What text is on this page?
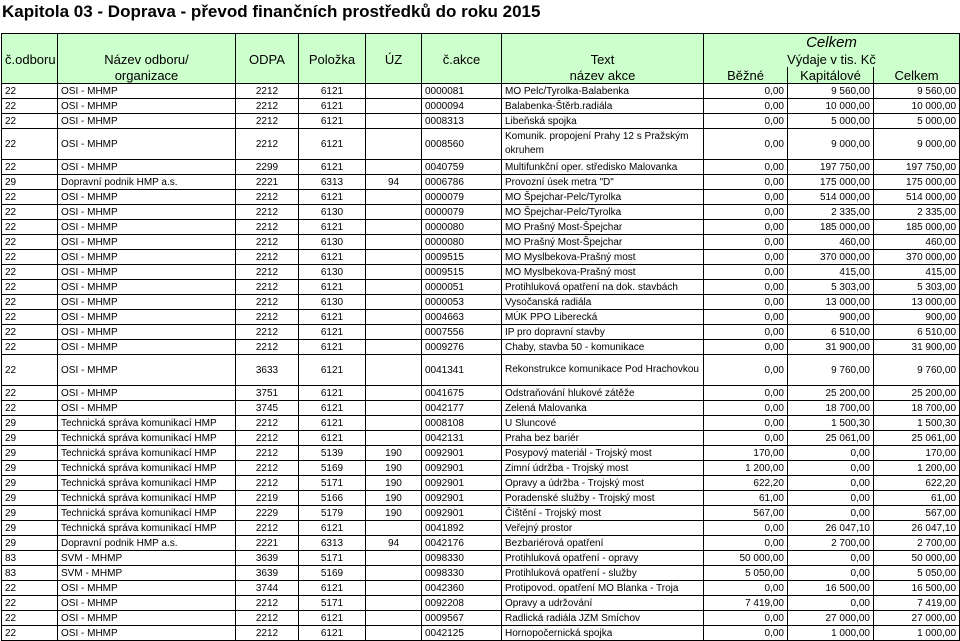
Kapitola 03 - Doprava - převod finančních prostředků do roku 2015
							Celkem		
č.odboru	Název odboru/	ODPA	Položka	ÚZ	č.akce	Text	Výdaje v tis. Kč		
	organizace					název akce	Běžné	Kapitálové	Celkem
22	OSI - MHMP	2212	6121		0000081	MO Pelc/Tyrolka-Balabenka	0,00	9 560,00	9 560,00
22	OSI - MHMP	2212	6121		0000094	Balabenka-Štěrb.radiála	0,00	10 000,00	10 000,00
22	OSI - MHMP	2212	6121		0008313	Libeňská spojka	0,00	5 000,00	5 000,00
22	OSI - MHMP	2212	6121		0008560	Komunik. propojení Prahy 12 s Pražským okruhem	0,00	9 000,00	9 000,00
22	OSI - MHMP	2299	6121		0040759	Multifunkční oper. středisko Malovanka	0,00	197 750,00	197 750,00
29	Dopravní podnik HMP a.s.	2221	6313	94	0006786	Provozní úsek metra "D"	0,00	175 000,00	175 000,00
22	OSI - MHMP	2212	6121		0000079	MO Špejchar-Pelc/Tyrolka	0,00	514 000,00	514 000,00
22	OSI - MHMP	2212	6130		0000079	MO Špejchar-Pelc/Tyrolka	0,00	2 335,00	2 335,00
22	OSI - MHMP	2212	6121		0000080	MO Prašný Most-Špejchar	0,00	185 000,00	185 000,00
22	OSI - MHMP	2212	6130		0000080	MO Prašný Most-Špejchar	0,00	460,00	460,00
22	OSI - MHMP	2212	6121		0009515	MO Myslbekova-Prašný most	0,00	370 000,00	370 000,00
22	OSI - MHMP	2212	6130		0009515	MO Myslbekova-Prašný most	0,00	415,00	415,00
22	OSI - MHMP	2212	6121		0000051	Protihluková opatření na dok. stavbách	0,00	5 303,00	5 303,00
22	OSI - MHMP	2212	6130		0000053	Vysočanská radiála	0,00	13 000,00	13 000,00
22	OSI - MHMP	2212	6121		0004663	MÚK PPO Liberecká	0,00	900,00	900,00
22	OSI - MHMP	2212	6121		0007556	IP pro dopravní stavby	0,00	6 510,00	6 510,00
22	OSI - MHMP	2212	6121		0009276	Chaby, stavba 50 - komunikace	0,00	31 900,00	31 900,00
22	OSI - MHMP	3633	6121		0041341	Rekonstrukce komunikace Pod Hrachovkou	0,00	9 760,00	9 760,00
22	OSI - MHMP	3751	6121		0041675	Odstraňování hlukové zátěže	0,00	25 200,00	25 200,00
22	OSI - MHMP	3745	6121		0042177	Zelená Malovanka	0,00	18 700,00	18 700,00
29	Technická správa komunikací HMP	2212	6121		0008108	U Sluncové	0,00	1 500,30	1 500,30
29	Technická správa komunikací HMP	2212	6121		0042131	Praha bez bariér	0,00	25 061,00	25 061,00
29	Technická správa komunikací HMP	2212	5139	190	0092901	Posypový materiál - Trojský most	170,00	0,00	170,00
29	Technická správa komunikací HMP	2212	5169	190	0092901	Zimní údržba - Trojský most	1 200,00	0,00	1 200,00
29	Technická správa komunikací HMP	2212	5171	190	0092901	Opravy a údržba - Trojský most	622,20	0,00	622,20
29	Technická správa komunikací HMP	2219	5166	190	0092901	Poradenské služby - Trojský most	61,00	0,00	61,00
29	Technická správa komunikací HMP	2229	5179	190	0092901	Čištění - Trojský most	567,00	0,00	567,00
29	Technická správa komunikací HMP	2212	6121		0041892	Veřejný prostor	0,00	26 047,10	26 047,10
29	Dopravní podnik HMP a.s.	2221	6313	94	0042176	Bezbariérová opatření	0,00	2 700,00	2 700,00
83	SVM - MHMP	3639	5171		0098330	Protihluková opatření - opravy	50 000,00	0,00	50 000,00
83	SVM - MHMP	3639	5169		0098330	Protihluková opatření - služby	5 050,00	0,00	5 050,00
22	OSI - MHMP	3744	6121		0042360	Protipovod. opatření MO Blanka - Troja	0,00	16 500,00	16 500,00
22	OSI - MHMP	2212	5171		0092208	Opravy a udržování	7 419,00	0,00	7 419,00
22	OSI - MHMP	2212	6121		0009567	Radlická radiála JZM Smíchov	0,00	27 000,00	27 000,00
22	OSI - MHMP	2212	6121		0042125	Hornopočernická spojka	0,00	1 000,00	1 000,00
